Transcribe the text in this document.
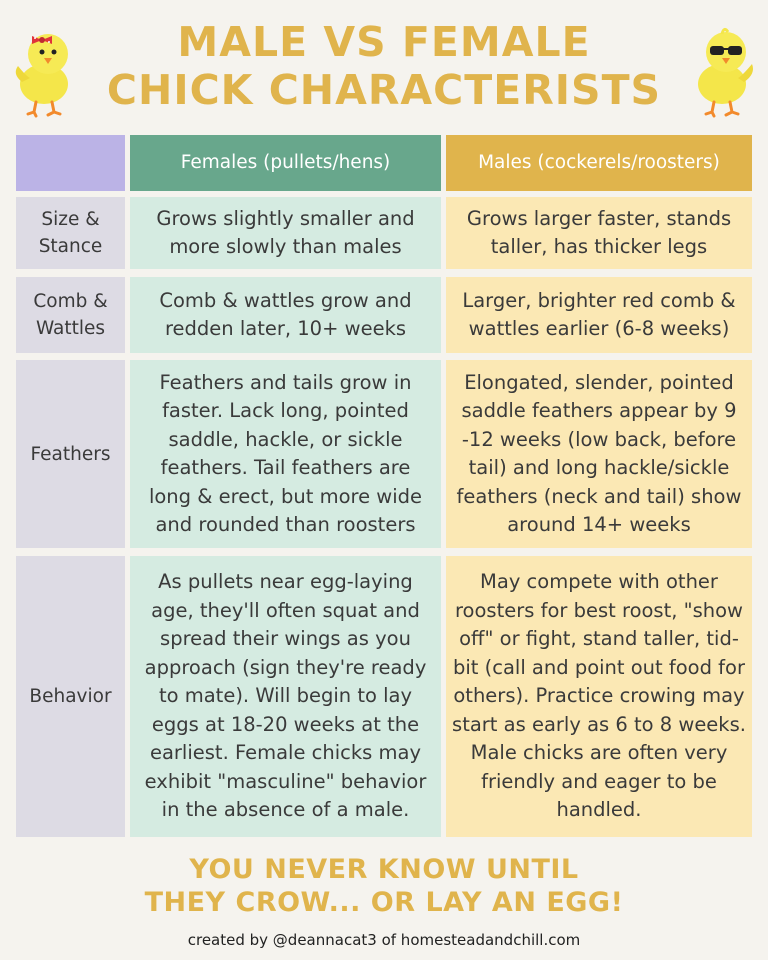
MALE VS FEMALE
CHICK CHARACTERISTS
Females (pullets/hens)	Males (cockerels/roosters)
Size &
Stance
Grows slightly smaller and more slowly than males
Grows larger faster, stands taller, has thicker legs
Comb &
Wattles
Comb & wattles grow and redden later, 10+ weeks
Larger, brighter red comb & wattles earlier (6-8 weeks)
Feathers
Feathers and tails grow in faster. Lack long, pointed saddle, hackle, or sickle feathers. Tail feathers are long & erect, but more wide and rounded than roosters
Elongated, slender, pointed saddle feathers appear by 9 -12 weeks (low back, before tail) and long hackle/sickle feathers (neck and tail) show around 14+ weeks
Behavior
As pullets near egg-laying age, they'll often squat and spread their wings as you approach (sign they're ready to mate). Will begin to lay eggs at 18-20 weeks at the earliest. Female chicks may exhibit "masculine" behavior in the absence of a male.
May compete with other roosters for best roost, "show off" or fight, stand taller, tid-bit (call and point out food for others). Practice crowing may start as early as 6 to 8 weeks. Male chicks are often very friendly and eager to be handled.
YOU NEVER KNOW UNTIL
THEY CROW... OR LAY AN EGG!
created by @deannacat3 of homesteadandchill.com
